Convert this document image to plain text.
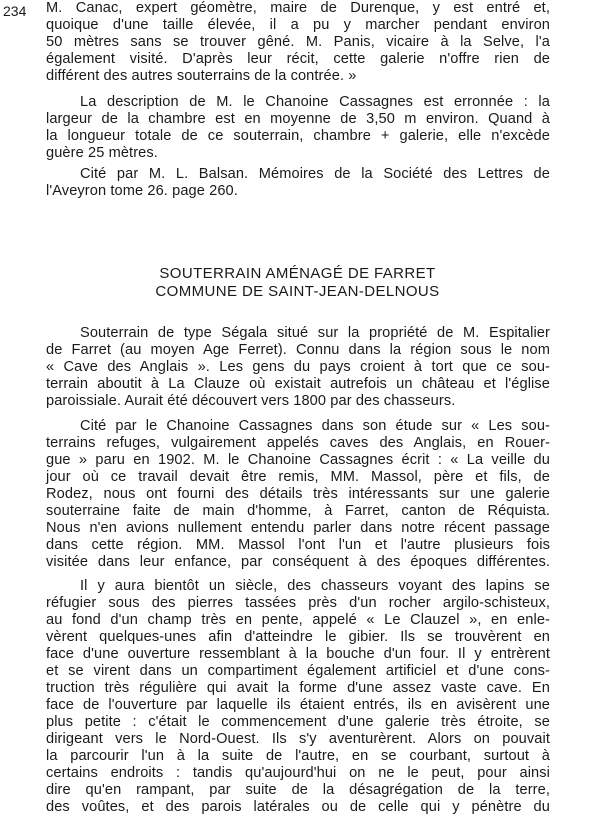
234 M. Canac, expert géomètre, maire de Durenque, y est entré et,
quoique d'une taille élevée, il a pu y marcher pendant environ
50 mètres sans se trouver gêné. M. Panis, vicaire à la Selve, l'a
également visité. D'après leur récit, cette galerie n'offre rien de
différent des autres souterrains de la contrée. »
La description de M. le Chanoine Cassagnes est erronnée : la
largeur de la chambre est en moyenne de 3,50 m environ. Quand à
la longueur totale de ce souterrain, chambre + galerie, elle n'excède
guère 25 mètres.
Cité par M. L. Balsan. Mémoires de la Société des Lettres de
l'Aveyron tome 26. page 260.
SOUTERRAIN AMÉNAGÉ DE FARRET
COMMUNE DE SAINT-JEAN-DELNOUS
Souterrain de type Ségala situé sur la propriété de M. Espitalier
de Farret (au moyen Age Ferret). Connu dans la région sous le nom
« Cave des Anglais ». Les gens du pays croient à tort que ce sou-
terrain aboutit à La Clauze où existait autrefois un château et l'église
paroissiale. Aurait été découvert vers 1800 par des chasseurs.
Cité par le Chanoine Cassagnes dans son étude sur « Les sou-
terrains refuges, vulgairement appelés caves des Anglais, en Rouer-
gue » paru en 1902. M. le Chanoine Cassagnes écrit : « La veille du
jour où ce travail devait être remis, MM. Massol, père et fils, de
Rodez, nous ont fourni des détails très intéressants sur une galerie
souterraine faite de main d'homme, à Farret, canton de Réquista.
Nous n'en avions nullement entendu parler dans notre récent passage
dans cette région. MM. Massol l'ont l'un et l'autre plusieurs fois
visitée dans leur enfance, par conséquent à des époques différentes.
Il y aura bientôt un siècle, des chasseurs voyant des lapins se
réfugier sous des pierres tassées près d'un rocher argilo-schisteux,
au fond d'un champ très en pente, appelé « Le Clauzel », en enle-
vèrent quelques-unes afin d'atteindre le gibier. Ils se trouvèrent en
face d'une ouverture ressemblant à la bouche d'un four. Il y entrèrent
et se virent dans un compartiment également artificiel et d'une cons-
truction très régulière qui avait la forme d'une assez vaste cave. En
face de l'ouverture par laquelle ils étaient entrés, ils en avisèrent une
plus petite : c'était le commencement d'une galerie très étroite, se
dirigeant vers le Nord-Ouest. Ils s'y aventurèrent. Alors on pouvait
la parcourir l'un à la suite de l'autre, en se courbant, surtout à
certains endroits : tandis qu'aujourd'hui on ne le peut, pour ainsi
dire qu'en rampant, par suite de la désagrégation de la terre,
des voûtes, et des parois latérales ou de celle qui y pénètre du
